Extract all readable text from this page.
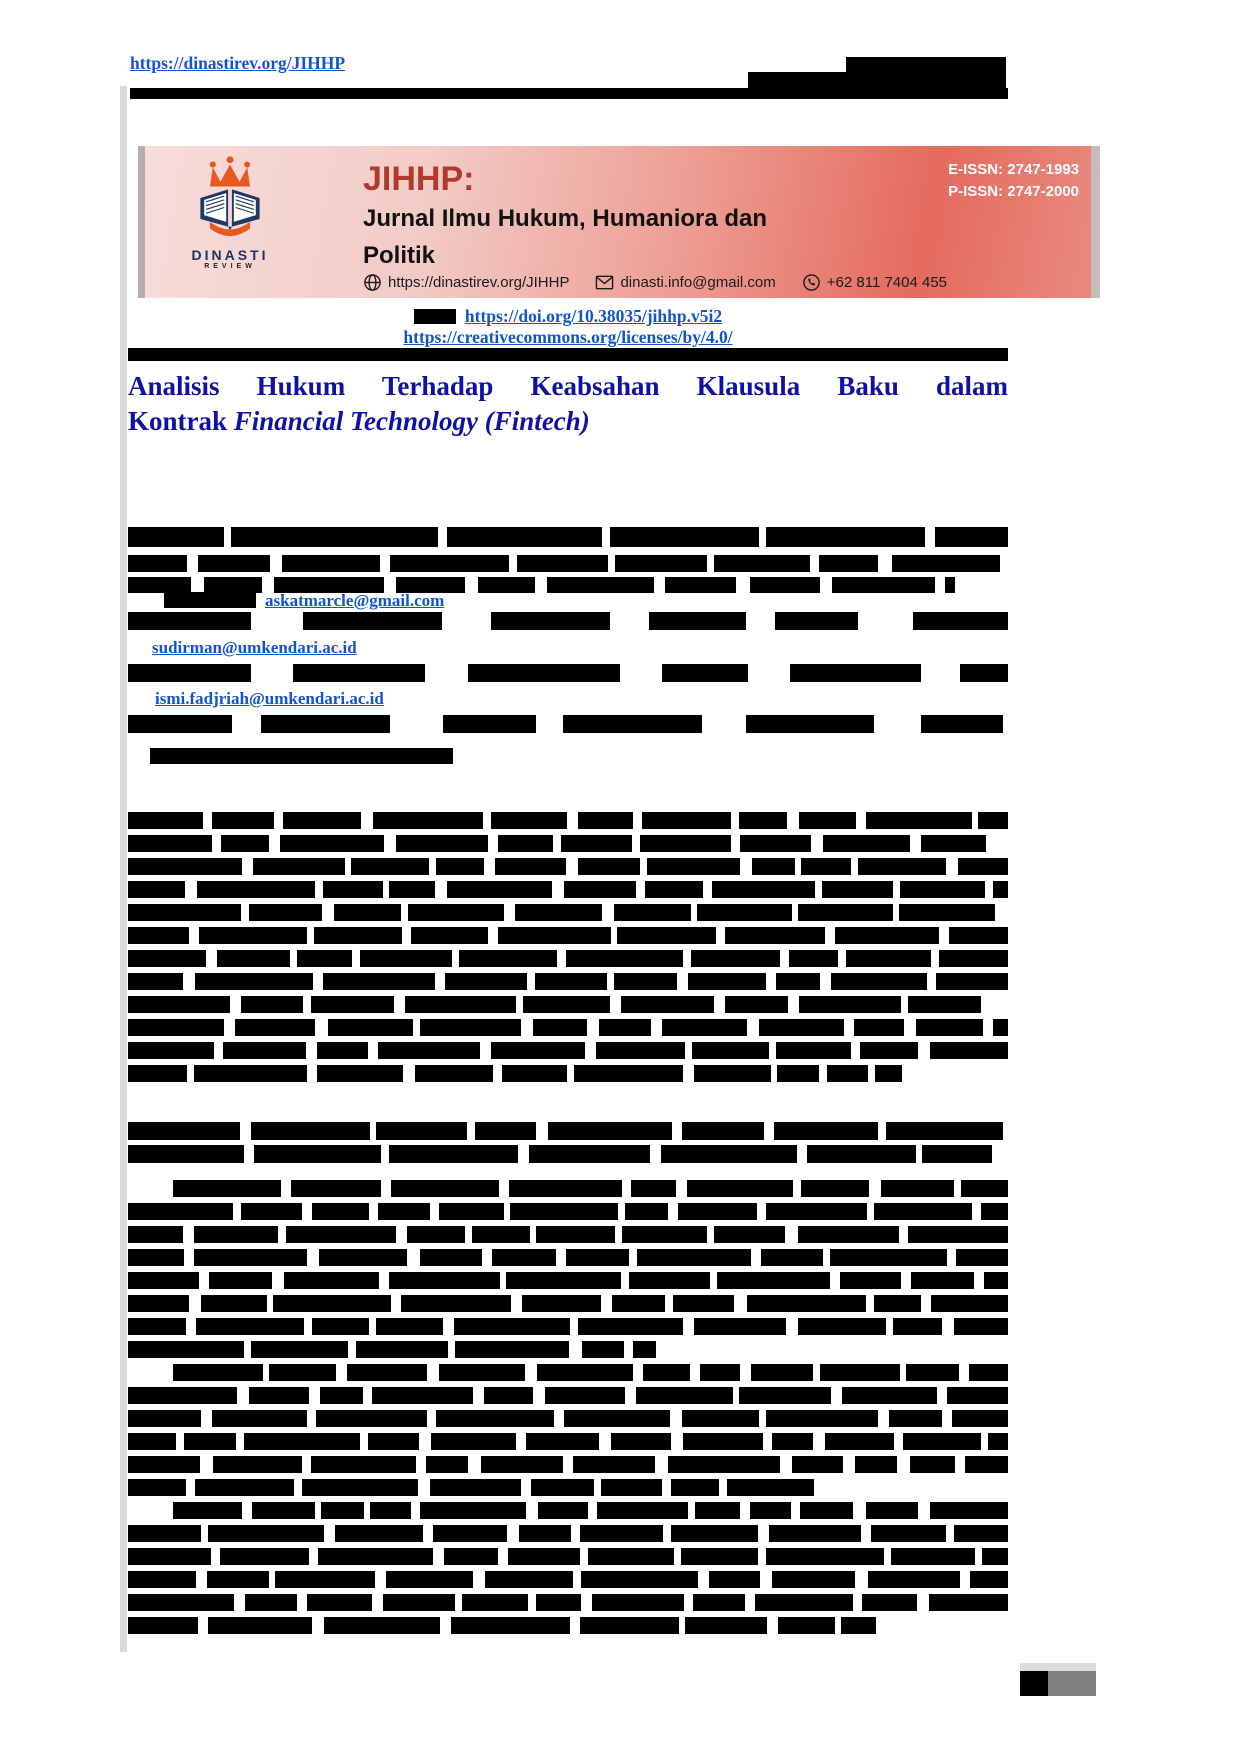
https://dinastirev.org/JIHHP
DINASTI
REVIEW
JIHHP:
Jurnal Ilmu Hukum, Humaniora dan
Politik
E-ISSN: 2747-1993
P-ISSN: 2747-2000
https://dinastirev.org/JIHHP	dinasti.info@gmail.com	+62 811 7404 455
https://doi.org/10.38035/jihhp.v5i2
https://creativecommons.org/licenses/by/4.0/
Analisis Hukum Terhadap Keabsahan Klausula Baku dalam
Kontrak Financial Technology (Fintech)
askatmarcle@gmail.com
sudirman@umkendari.ac.id
ismi.fadjriah@umkendari.ac.id
